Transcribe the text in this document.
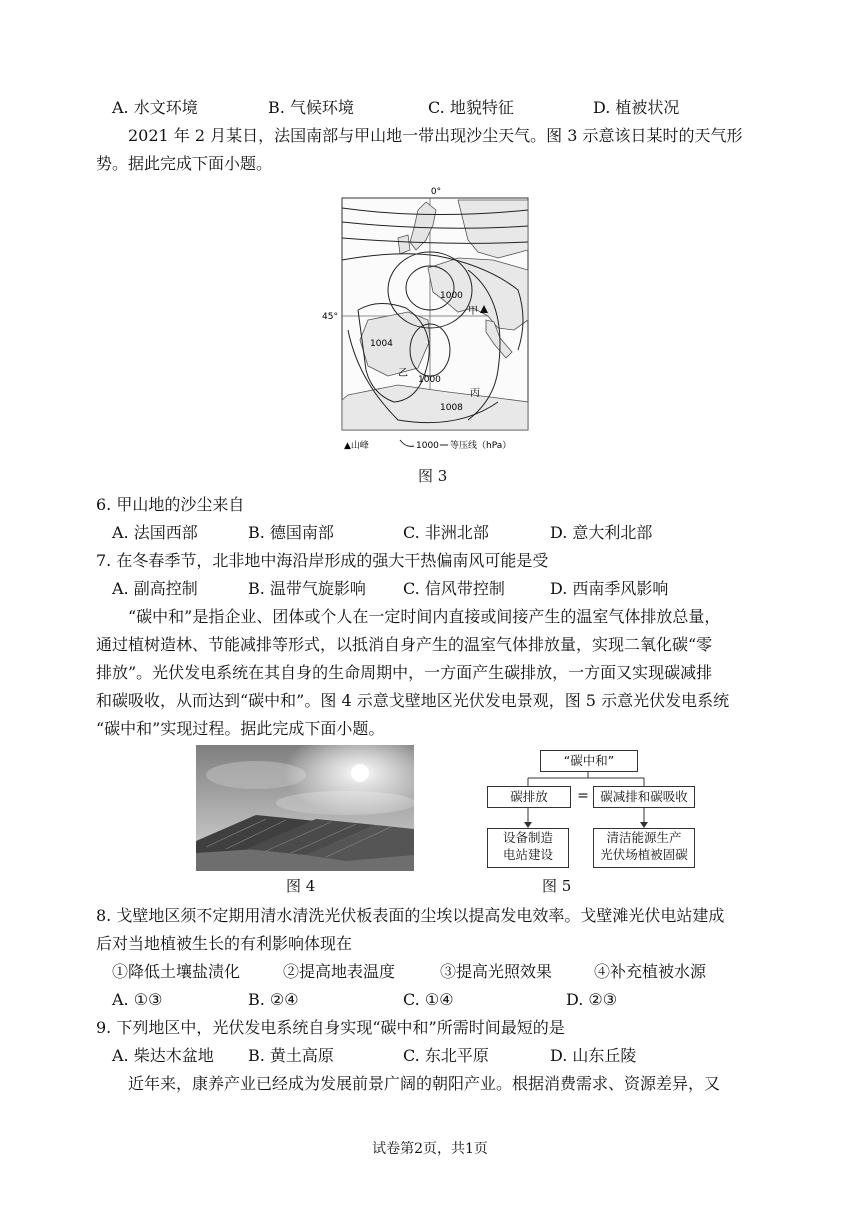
A. 水文环境	B. 气候环境	C. 地貌特征	D. 植被状况
2021 年 2 月某日，法国南部与甲山地一带出现沙尘天气。图 3 示意该日某时的天气形
势。据此完成下面小题。
0°
45°
1000
1004
1000
1008
甲
乙
丙
▲山峰	1000 等压线（hPa）
图 3
6. 甲山地的沙尘来自
A. 法国西部	B. 德国南部	C. 非洲北部	D. 意大利北部
7. 在冬春季节，北非地中海沿岸形成的强大干热偏南风可能是受
A. 副高控制	B. 温带气旋影响 C. 信风带控制	D. 西南季风影响
“碳中和”是指企业、团体或个人在一定时间内直接或间接产生的温室气体排放总量，
通过植树造林、节能减排等形式，以抵消自身产生的温室气体排放量，实现二氧化碳“零
排放”。光伏发电系统在其自身的生命周期中，一方面产生碳排放，一方面又实现碳减排
和碳吸收，从而达到“碳中和”。图 4 示意戈壁地区光伏发电景观，图 5 示意光伏发电系统
“碳中和”实现过程。据此完成下面小题。
图 4
“碳中和”
碳排放	= 碳减排和碳吸收
设备制造
电站建设
清洁能源生产
光伏场植被固碳
图 5
8. 戈壁地区须不定期用清水清洗光伏板表面的尘埃以提高发电效率。戈壁滩光伏电站建成
后对当地植被生长的有利影响体现在
①降低土壤盐渍化	②提高地表温度	③提高光照效果	④补充植被水源
A. ①③	B. ②④	C. ①④	D. ②③
9. 下列地区中，光伏发电系统自身实现“碳中和”所需时间最短的是
A. 柴达木盆地 B. 黄土高原	C. 东北平原	D. 山东丘陵
近年来，康养产业已经成为发展前景广阔的朝阳产业。根据消费需求、资源差异，又
试卷第2页，共1页
